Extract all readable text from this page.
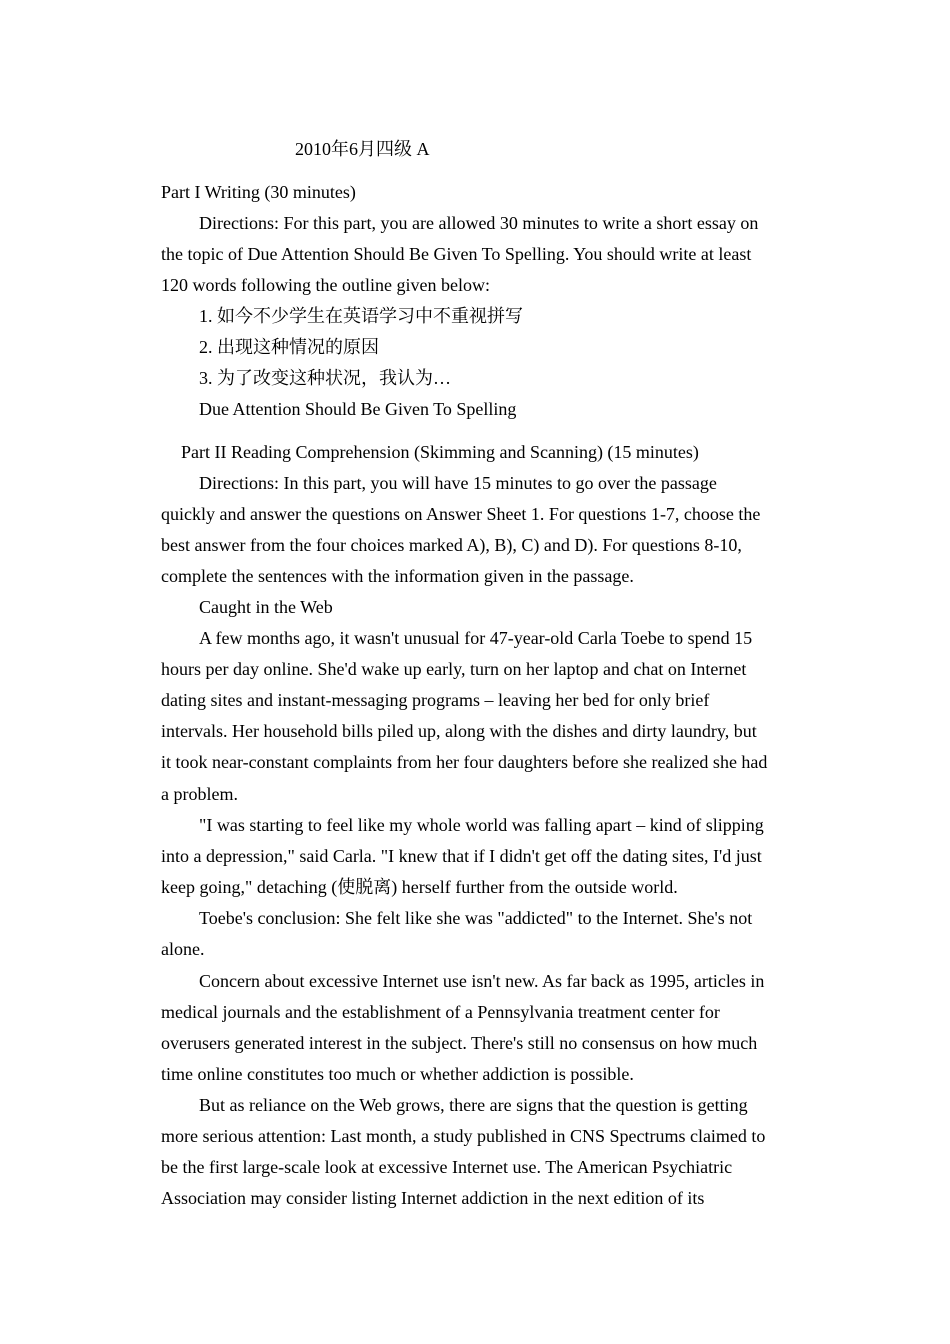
2010年6月四级 A
Part I Writing (30 minutes)
Directions: For this part, you are allowed 30 minutes to write a short essay on
the topic of Due Attention Should Be Given To Spelling. You should write at least
120 words following the outline given below:
1. 如今不少学生在英语学习中不重视拼写
2. 出现这种情况的原因
3. 为了改变这种状况，我认为…
Due Attention Should Be Given To Spelling
Part II Reading Comprehension (Skimming and Scanning) (15 minutes)
Directions: In this part, you will have 15 minutes to go over the passage
quickly and answer the questions on Answer Sheet 1. For questions 1-7, choose the
best answer from the four choices marked A), B), C) and D). For questions 8-10,
complete the sentences with the information given in the passage.
Caught in the Web
A few months ago, it wasn't unusual for 47-year-old Carla Toebe to spend 15
hours per day online. She'd wake up early, turn on her laptop and chat on Internet
dating sites and instant-messaging programs – leaving her bed for only brief
intervals. Her household bills piled up, along with the dishes and dirty laundry, but
it took near-constant complaints from her four daughters before she realized she had
a problem.
"I was starting to feel like my whole world was falling apart – kind of slipping
into a depression," said Carla. "I knew that if I didn't get off the dating sites, I'd just
keep going," detaching (使脱离) herself further from the outside world.
Toebe's conclusion: She felt like she was "addicted" to the Internet. She's not
alone.
Concern about excessive Internet use isn't new. As far back as 1995, articles in
medical journals and the establishment of a Pennsylvania treatment center for
overusers generated interest in the subject. There's still no consensus on how much
time online constitutes too much or whether addiction is possible.
But as reliance on the Web grows, there are signs that the question is getting
more serious attention: Last month, a study published in CNS Spectrums claimed to
be the first large-scale look at excessive Internet use. The American Psychiatric
Association may consider listing Internet addiction in the next edition of its
